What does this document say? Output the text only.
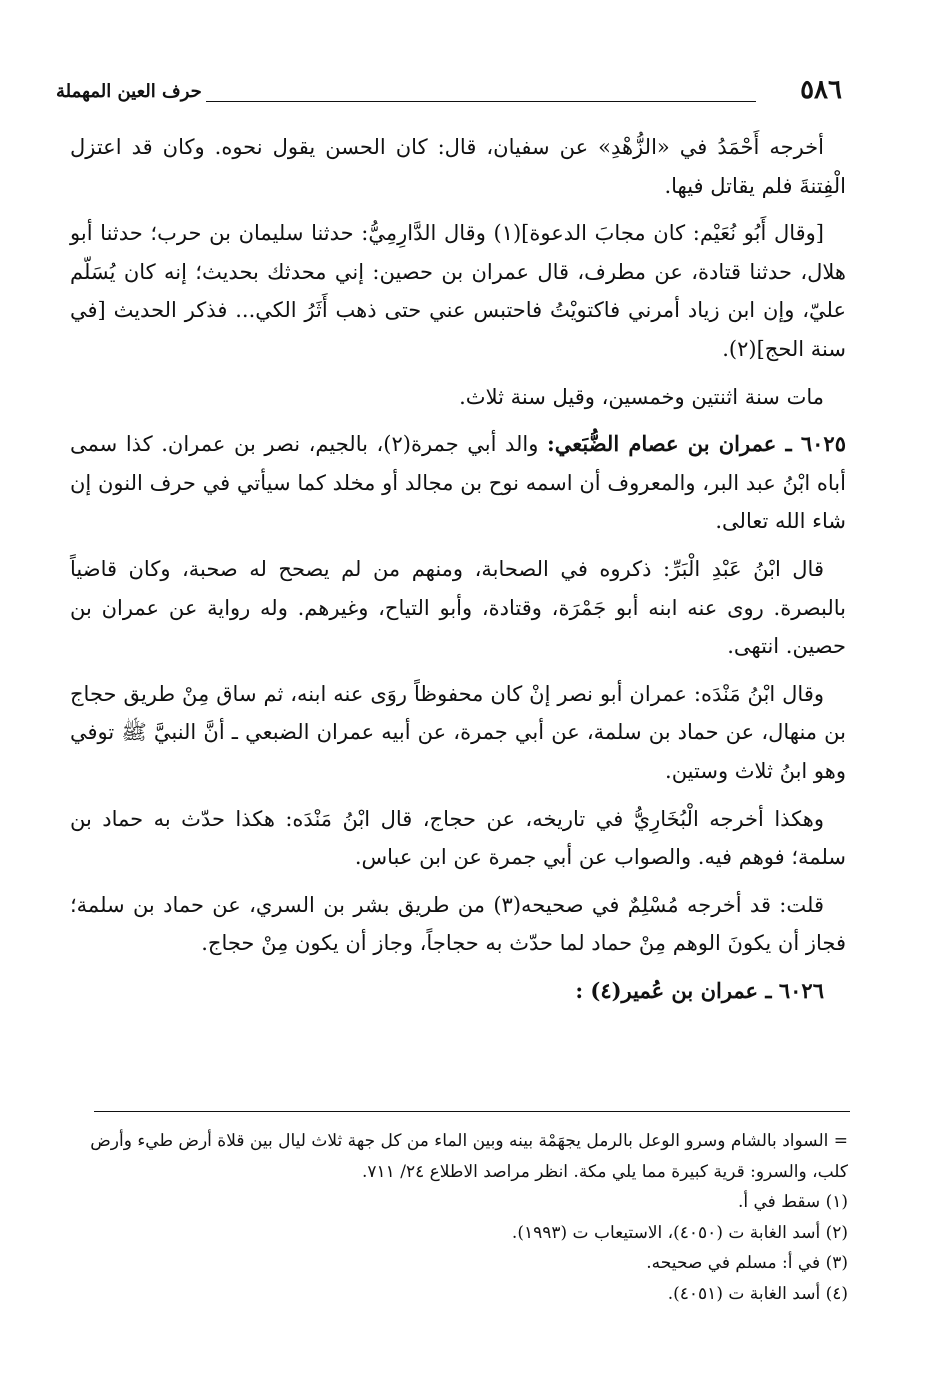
٥٨٦
حرف العين المهملة

أخرجه أَحْمَدُ في «الزُّهْدِ» عن سفيان، قال: كان الحسن يقول نحوه. وكان قد اعتزل الْفِتنةَ فلم يقاتل فيها.

[وقال أَبُو نُعَيْم: كان مجابَ الدعوة](١) وقال الدَّارِمِيُّ: حدثنا سليمان بن حرب؛ حدثنا أبو هلال، حدثنا قتادة، عن مطرف، قال عمران بن حصين: إني محدثك بحديث؛ إنه كان يُسَلّم عليّ، وإن ابن زياد أمرني فاكتويْتُ فاحتبس عني حتى ذهب أَثَرُ الكي... فذكر الحديث [في سنة الحج](٢).

مات سنة اثنتين وخمسين، وقيل سنة ثلاث.

٦٠٢٥ ـ عمران بن عصام الضُّبَعي: والد أبي جمرة(٢)، بالجيم، نصر بن عمران. كذا سمى أباه ابْنُ عبد البر، والمعروف أن اسمه نوح بن مجالد أو مخلد كما سيأتي في حرف النون إن شاء الله تعالى.

قال ابْنُ عَبْدِ الْبَرِّ: ذكروه في الصحابة، ومنهم من لم يصحح له صحبة، وكان قاضياً بالبصرة. روى عنه ابنه أبو جَمْرَة، وقتادة، وأبو التياح، وغيرهم. وله رواية عن عمران بن حصين. انتهى.

وقال ابْنُ مَنْدَه: عمران أبو نصر إنْ كان محفوظاً روَى عنه ابنه، ثم ساق مِنْ طريق حجاج بن منهال، عن حماد بن سلمة، عن أبي جمرة، عن أبيه عمران الضبعي ـ أنَّ النبيَّ ﷺ توفي وهو ابنُ ثلاث وستين.

وهكذا أخرجه الْبُخَارِيُّ في تاريخه، عن حجاج، قال ابْنُ مَنْدَه: هكذا حدّث به حماد بن سلمة؛ فوهم فيه. والصواب عن أبي جمرة عن ابن عباس.

قلت: قد أخرجه مُسْلِمٌ في صحيحه(٣) من طريق بشر بن السري، عن حماد بن سلمة؛ فجاز أن يكونَ الوهم مِنْ حماد لما حدّث به حجاجاً، وجاز أن يكون مِنْ حجاج.

٦٠٢٦ ـ عمران بن عُمير(٤) :

= السواد بالشام وسرو الوعل بالرمل يجهَمْة بينه وبين الماء من كل جهة ثلاث ليال بين قلاة أرض طيء وأرض كلب، والسرو: قرية كبيرة مما يلي مكة. انظر مراصد الاطلاع ٢٤/ ٧١١.

(١) سقط في أ.

(٢) أسد الغابة ت (٤٠٥٠)، الاستيعاب ت (١٩٩٣).

(٣) في أ: مسلم في صحيحه.

(٤) أسد الغابة ت (٤٠٥١).
